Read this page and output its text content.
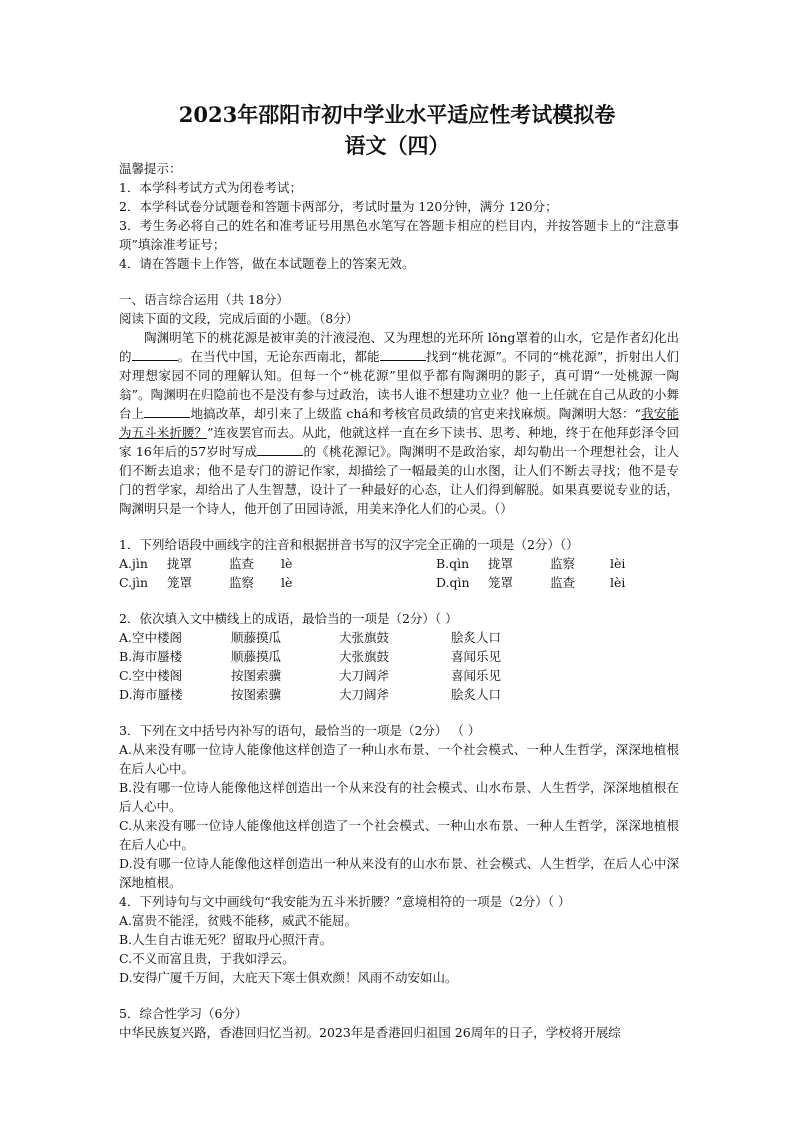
2023年邵阳市初中学业水平适应性考试模拟卷
语文（四）

温馨提示：

1．本学科考试方式为闭卷考试；

2．本学科试卷分试题卷和答题卡两部分，考试时量为 120分钟，满分 120分；

3．考生务必将自己的姓名和准考证号用黑色水笔写在答题卡相应的栏目内，并按答题卡上的“注意事项”填涂准考证号；

4．请在答题卡上作答，做在本试题卷上的答案无效。

一、语言综合运用（共 18分）

阅读下面的文段，完成后面的小题。（8分）

陶渊明笔下的桃花源是被审美的汁液浸泡、又为理想的光环所 lǒng罩着的山水，它是作者幻化出的	。在当代中国，无论东西南北，都能	找到“桃花源”。不同的“桃花源”，折射出人们对理想家园不同的理解认知。但每一个“桃花源”里似乎都有陶渊明的影子，真可谓“一处桃源一陶翁”。陶渊明在归隐前也不是没有参与过政治，读书人谁不想建功立业？他一上任就在自己从政的小舞台上	地搞改革，却引来了上级监 chá和考核官员政绩的官吏来找麻烦。陶渊明大怒：“我安能为五斗米折腰？”连夜罢官而去。从此，他就这样一直在乡下读书、思考、种地，终于在他拜彭泽令回家 16年后的57岁时写成	的《桃花源记》。陶渊明不是政治家，却勾勒出一个理想社会，让人们不断去追求；他不是专门的游记作家，却描绘了一幅最美的山水图，让人们不断去寻找；他不是专门的哲学家，却给出了人生智慧，设计了一种最好的心态，让人们得到解脱。如果真要说专业的话，陶渊明只是一个诗人，他开创了田园诗派，用美来净化人们的心灵。（）

1．下列给语段中画线字的注音和根据拼音书写的汉字完全正确的一项是（2分）（）

A.jìn	拢罩	监查	lè	B.qìn	拢罩	监察	lèi
C.jìn	笼罩	监察	lè	D.qìn	笼罩	监查	lèi

2．依次填入文中横线上的成语，最恰当的一项是（2分）（ ）

A.空中楼阁	顺藤摸瓜	大张旗鼓	脍炙人口
B.海市蜃楼	顺藤摸瓜	大张旗鼓	喜闻乐见
C.空中楼阁	按图索骥	大刀阔斧	喜闻乐见
D.海市蜃楼	按图索骥	大刀阔斧	脍炙人口

3．下列在文中括号内补写的语句，最恰当的一项是（2分） （ ）

A.从来没有哪一位诗人能像他这样创造了一种山水布景、一个社会模式、一种人生哲学，深深地植根在后人心中。

B.没有哪一位诗人能像他这样创造出一个从来没有的社会模式、山水布景、人生哲学，深深地植根在后人心中。

C.从来没有哪一位诗人能像他这样创造了一个社会模式、一种山水布景、一种人生哲学，深深地植根在后人心中。

D.没有哪一位诗人能像他这样创造出一种从来没有的山水布景、社会模式、人生哲学，在后人心中深深地植根。

4．下列诗句与文中画线句“我安能为五斗米折腰？”意境相符的一项是（2分）（ ）

A.富贵不能淫，贫贱不能移，威武不能屈。

B.人生自古谁无死？留取丹心照汗青。

C.不义而富且贵，于我如浮云。

D.安得广厦千万间，大庇天下寒士俱欢颜！风雨不动安如山。

5．综合性学习（6分）

中华民族复兴路，香港回归忆当初。2023年是香港回归祖国 26周年的日子，学校将开展综
